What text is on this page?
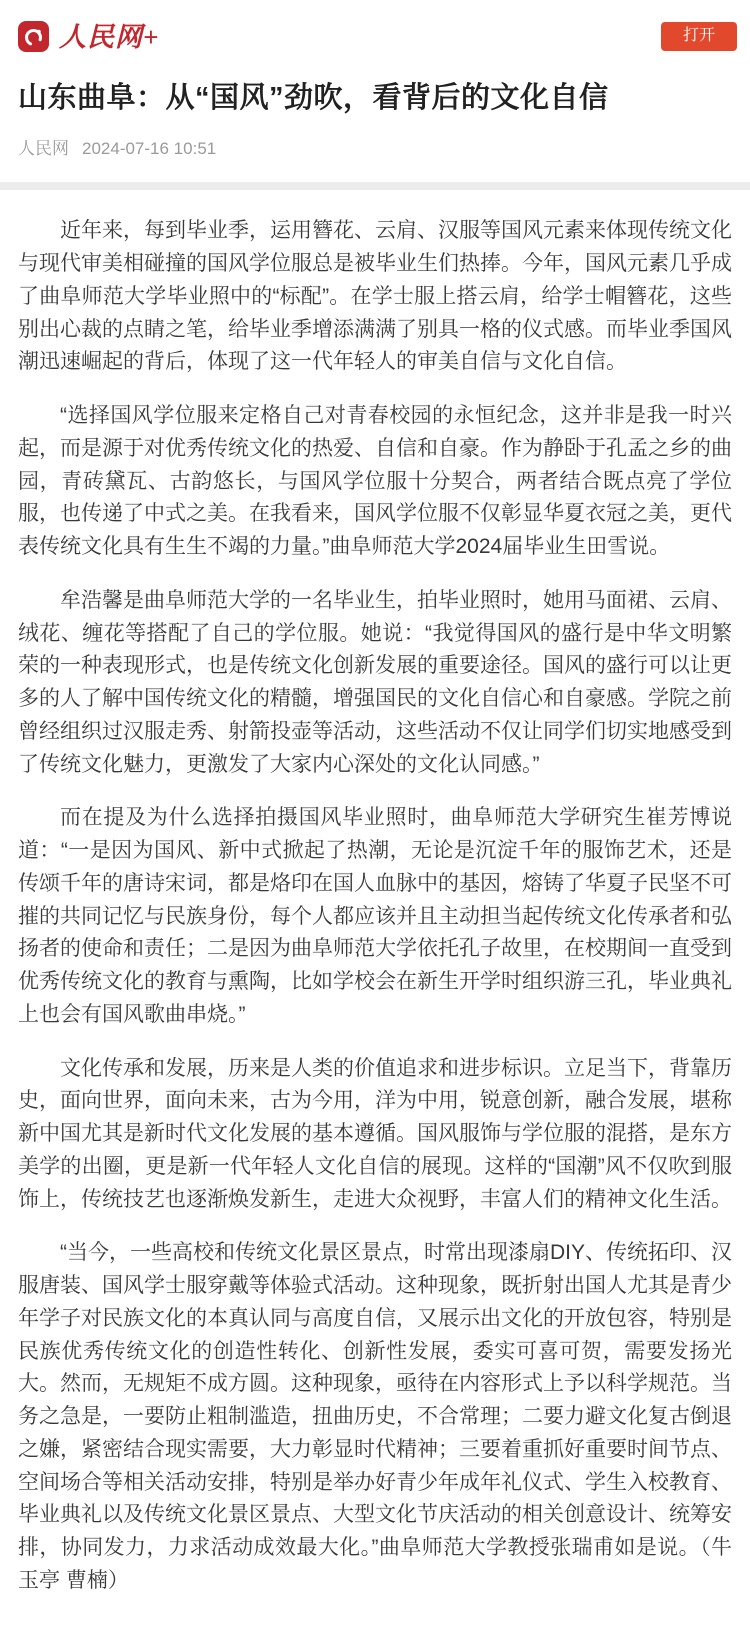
人民网+	打开
山东曲阜：从“国风”劲吹，看背后的文化自信
人民网 2024-07-16 10:51

近年来，每到毕业季，运用簪花、云肩、汉服等国风元素来体现传统文化与现代审美相碰撞的国风学位服总是被毕业生们热捧。今年，国风元素几乎成了曲阜师范大学毕业照中的“标配”。在学士服上搭云肩，给学士帽簪花，这些别出心裁的点睛之笔，给毕业季增添满满了别具一格的仪式感。而毕业季国风潮迅速崛起的背后，体现了这一代年轻人的审美自信与文化自信。

“选择国风学位服来定格自己对青春校园的永恒纪念，这并非是我一时兴起，而是源于对优秀传统文化的热爱、自信和自豪。作为静卧于孔孟之乡的曲园，青砖黛瓦、古韵悠长，与国风学位服十分契合，两者结合既点亮了学位服，也传递了中式之美。在我看来，国风学位服不仅彰显华夏衣冠之美，更代表传统文化具有生生不竭的力量。”曲阜师范大学2024届毕业生田雪说。

牟浩馨是曲阜师范大学的一名毕业生，拍毕业照时，她用马面裙、云肩、绒花、缠花等搭配了自己的学位服。她说：“我觉得国风的盛行是中华文明繁荣的一种表现形式，也是传统文化创新发展的重要途径。国风的盛行可以让更多的人了解中国传统文化的精髓，增强国民的文化自信心和自豪感。学院之前曾经组织过汉服走秀、射箭投壶等活动，这些活动不仅让同学们切实地感受到了传统文化魅力，更激发了大家内心深处的文化认同感。”

而在提及为什么选择拍摄国风毕业照时，曲阜师范大学研究生崔芳博说道：“一是因为国风、新中式掀起了热潮，无论是沉淀千年的服饰艺术，还是传颂千年的唐诗宋词，都是烙印在国人血脉中的基因，熔铸了华夏子民坚不可摧的共同记忆与民族身份，每个人都应该并且主动担当起传统文化传承者和弘扬者的使命和责任；二是因为曲阜师范大学依托孔子故里，在校期间一直受到优秀传统文化的教育与熏陶，比如学校会在新生开学时组织游三孔，毕业典礼上也会有国风歌曲串烧。”

文化传承和发展，历来是人类的价值追求和进步标识。立足当下，背靠历史，面向世界，面向未来，古为今用，洋为中用，锐意创新，融合发展，堪称新中国尤其是新时代文化发展的基本遵循。国风服饰与学位服的混搭，是东方美学的出圈，更是新一代年轻人文化自信的展现。这样的“国潮”风不仅吹到服饰上，传统技艺也逐渐焕发新生，走进大众视野，丰富人们的精神文化生活。

“当今，一些高校和传统文化景区景点，时常出现漆扇DIY、传统拓印、汉服唐装、国风学士服穿戴等体验式活动。这种现象，既折射出国人尤其是青少年学子对民族文化的本真认同与高度自信，又展示出文化的开放包容，特别是民族优秀传统文化的创造性转化、创新性发展，委实可喜可贺，需要发扬光大。然而，无规矩不成方圆。这种现象，亟待在内容形式上予以科学规范。当务之急是，一要防止粗制滥造，扭曲历史，不合常理；二要力避文化复古倒退之嫌，紧密结合现实需要，大力彰显时代精神；三要着重抓好重要时间节点、空间场合等相关活动安排，特别是举办好青少年成年礼仪式、学生入校教育、毕业典礼以及传统文化景区景点、大型文化节庆活动的相关创意设计、统筹安排，协同发力，力求活动成效最大化。”曲阜师范大学教授张瑞甫如是说。（牛玉亭 曹楠）
